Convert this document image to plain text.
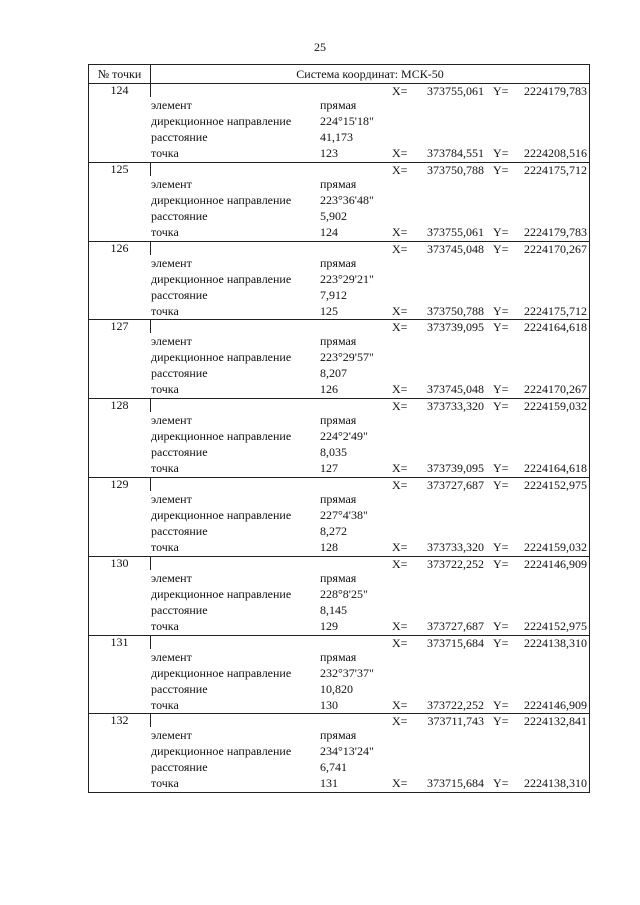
25
№ точки	Система координат: МСК-50
124	X=	373755,061 Y=	2224179,783
элемент	прямая
дирекционное направление 224°15'18"
расстояние	41,173
точка	123	X=	373784,551 Y=	2224208,516
125	X=	373750,788 Y=	2224175,712
элемент	прямая
дирекционное направление 223°36'48"
расстояние	5,902
точка	124	X=	373755,061 Y=	2224179,783
126	X=	373745,048 Y=	2224170,267
элемент	прямая
дирекционное направление 223°29'21"
расстояние	7,912
точка	125	X=	373750,788 Y=	2224175,712
127	X=	373739,095 Y=	2224164,618
элемент	прямая
дирекционное направление 223°29'57"
расстояние	8,207
точка	126	X=	373745,048 Y=	2224170,267
128	X=	373733,320 Y=	2224159,032
элемент	прямая
дирекционное направление 224°2'49"
расстояние	8,035
точка	127	X=	373739,095 Y=	2224164,618
129	X=	373727,687 Y=	2224152,975
элемент	прямая
дирекционное направление 227°4'38"
расстояние	8,272
точка	128	X=	373733,320 Y=	2224159,032
130	X=	373722,252 Y=	2224146,909
элемент	прямая
дирекционное направление 228°8'25"
расстояние	8,145
точка	129	X=	373727,687 Y=	2224152,975
131	X=	373715,684 Y=	2224138,310
элемент	прямая
дирекционное направление 232°37'37"
расстояние	10,820
точка	130	X=	373722,252 Y=	2224146,909
132	X=	373711,743 Y=	2224132,841
элемент	прямая
дирекционное направление 234°13'24"
расстояние	6,741
точка	131	X=	373715,684 Y=	2224138,310
